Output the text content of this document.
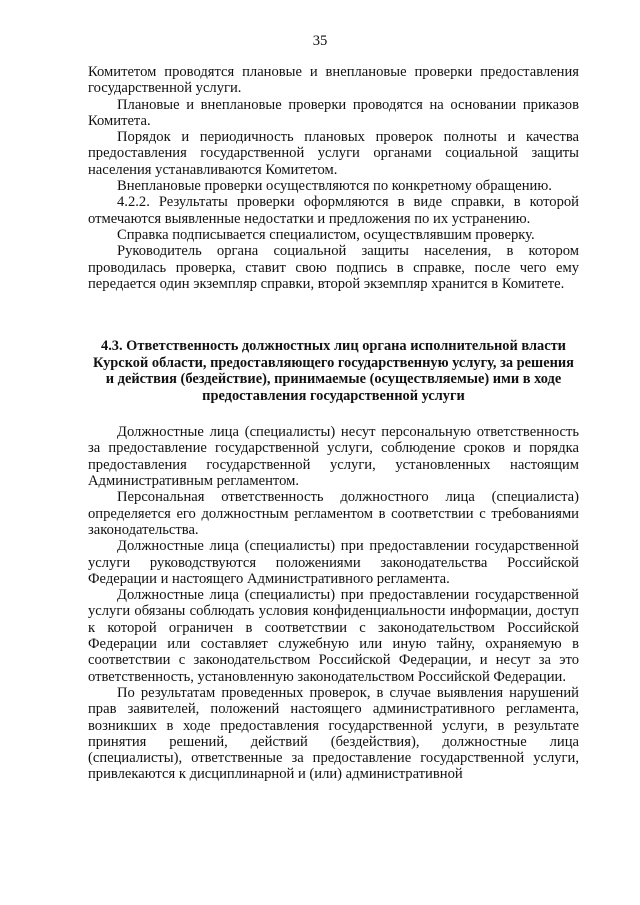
35

Комитетом проводятся плановые и внеплановые проверки предоставления государственной услуги.

Плановые и внеплановые проверки проводятся на основании приказов Комитета.

Порядок и периодичность плановых проверок полноты и качества предоставления государственной услуги органами социальной защиты населения устанавливаются Комитетом.

Внеплановые проверки осуществляются по конкретному обращению.

4.2.2. Результаты проверки оформляются в виде справки, в которой отмечаются выявленные недостатки и предложения по их устранению.

Справка подписывается специалистом, осуществлявшим проверку.

Руководитель органа социальной защиты населения, в котором проводилась проверка, ставит свою подпись в справке, после чего ему передается один экземпляр справки, второй экземпляр хранится в Комитете.

4.3. Ответственность должностных лиц органа исполнительной власти Курской области, предоставляющего государственную услугу, за решения и действия (бездействие), принимаемые (осуществляемые) ими в ходе предоставления государственной услуги

Должностные лица (специалисты) несут персональную ответственность за предоставление государственной услуги, соблюдение сроков и порядка предоставления государственной услуги, установленных настоящим Административным регламентом.

Персональная ответственность должностного лица (специалиста) определяется его должностным регламентом в соответствии с требованиями законодательства.

Должностные лица (специалисты) при предоставлении государственной услуги руководствуются положениями законодательства Российской Федерации и настоящего Административного регламента.

Должностные лица (специалисты) при предоставлении государственной услуги обязаны соблюдать условия конфиденциальности информации, доступ к которой ограничен в соответствии с законодательством Российской Федерации или составляет служебную или иную тайну, охраняемую в соответствии с законодательством Российской Федерации, и несут за это ответственность, установленную законодательством Российской Федерации.

По результатам проведенных проверок, в случае выявления нарушений прав заявителей, положений настоящего административного регламента, возникших в ходе предоставления государственной услуги, в результате принятия решений, действий (бездействия), должностные лица (специалисты), ответственные за предоставление государственной услуги, привлекаются к дисциплинарной и (или) административной
